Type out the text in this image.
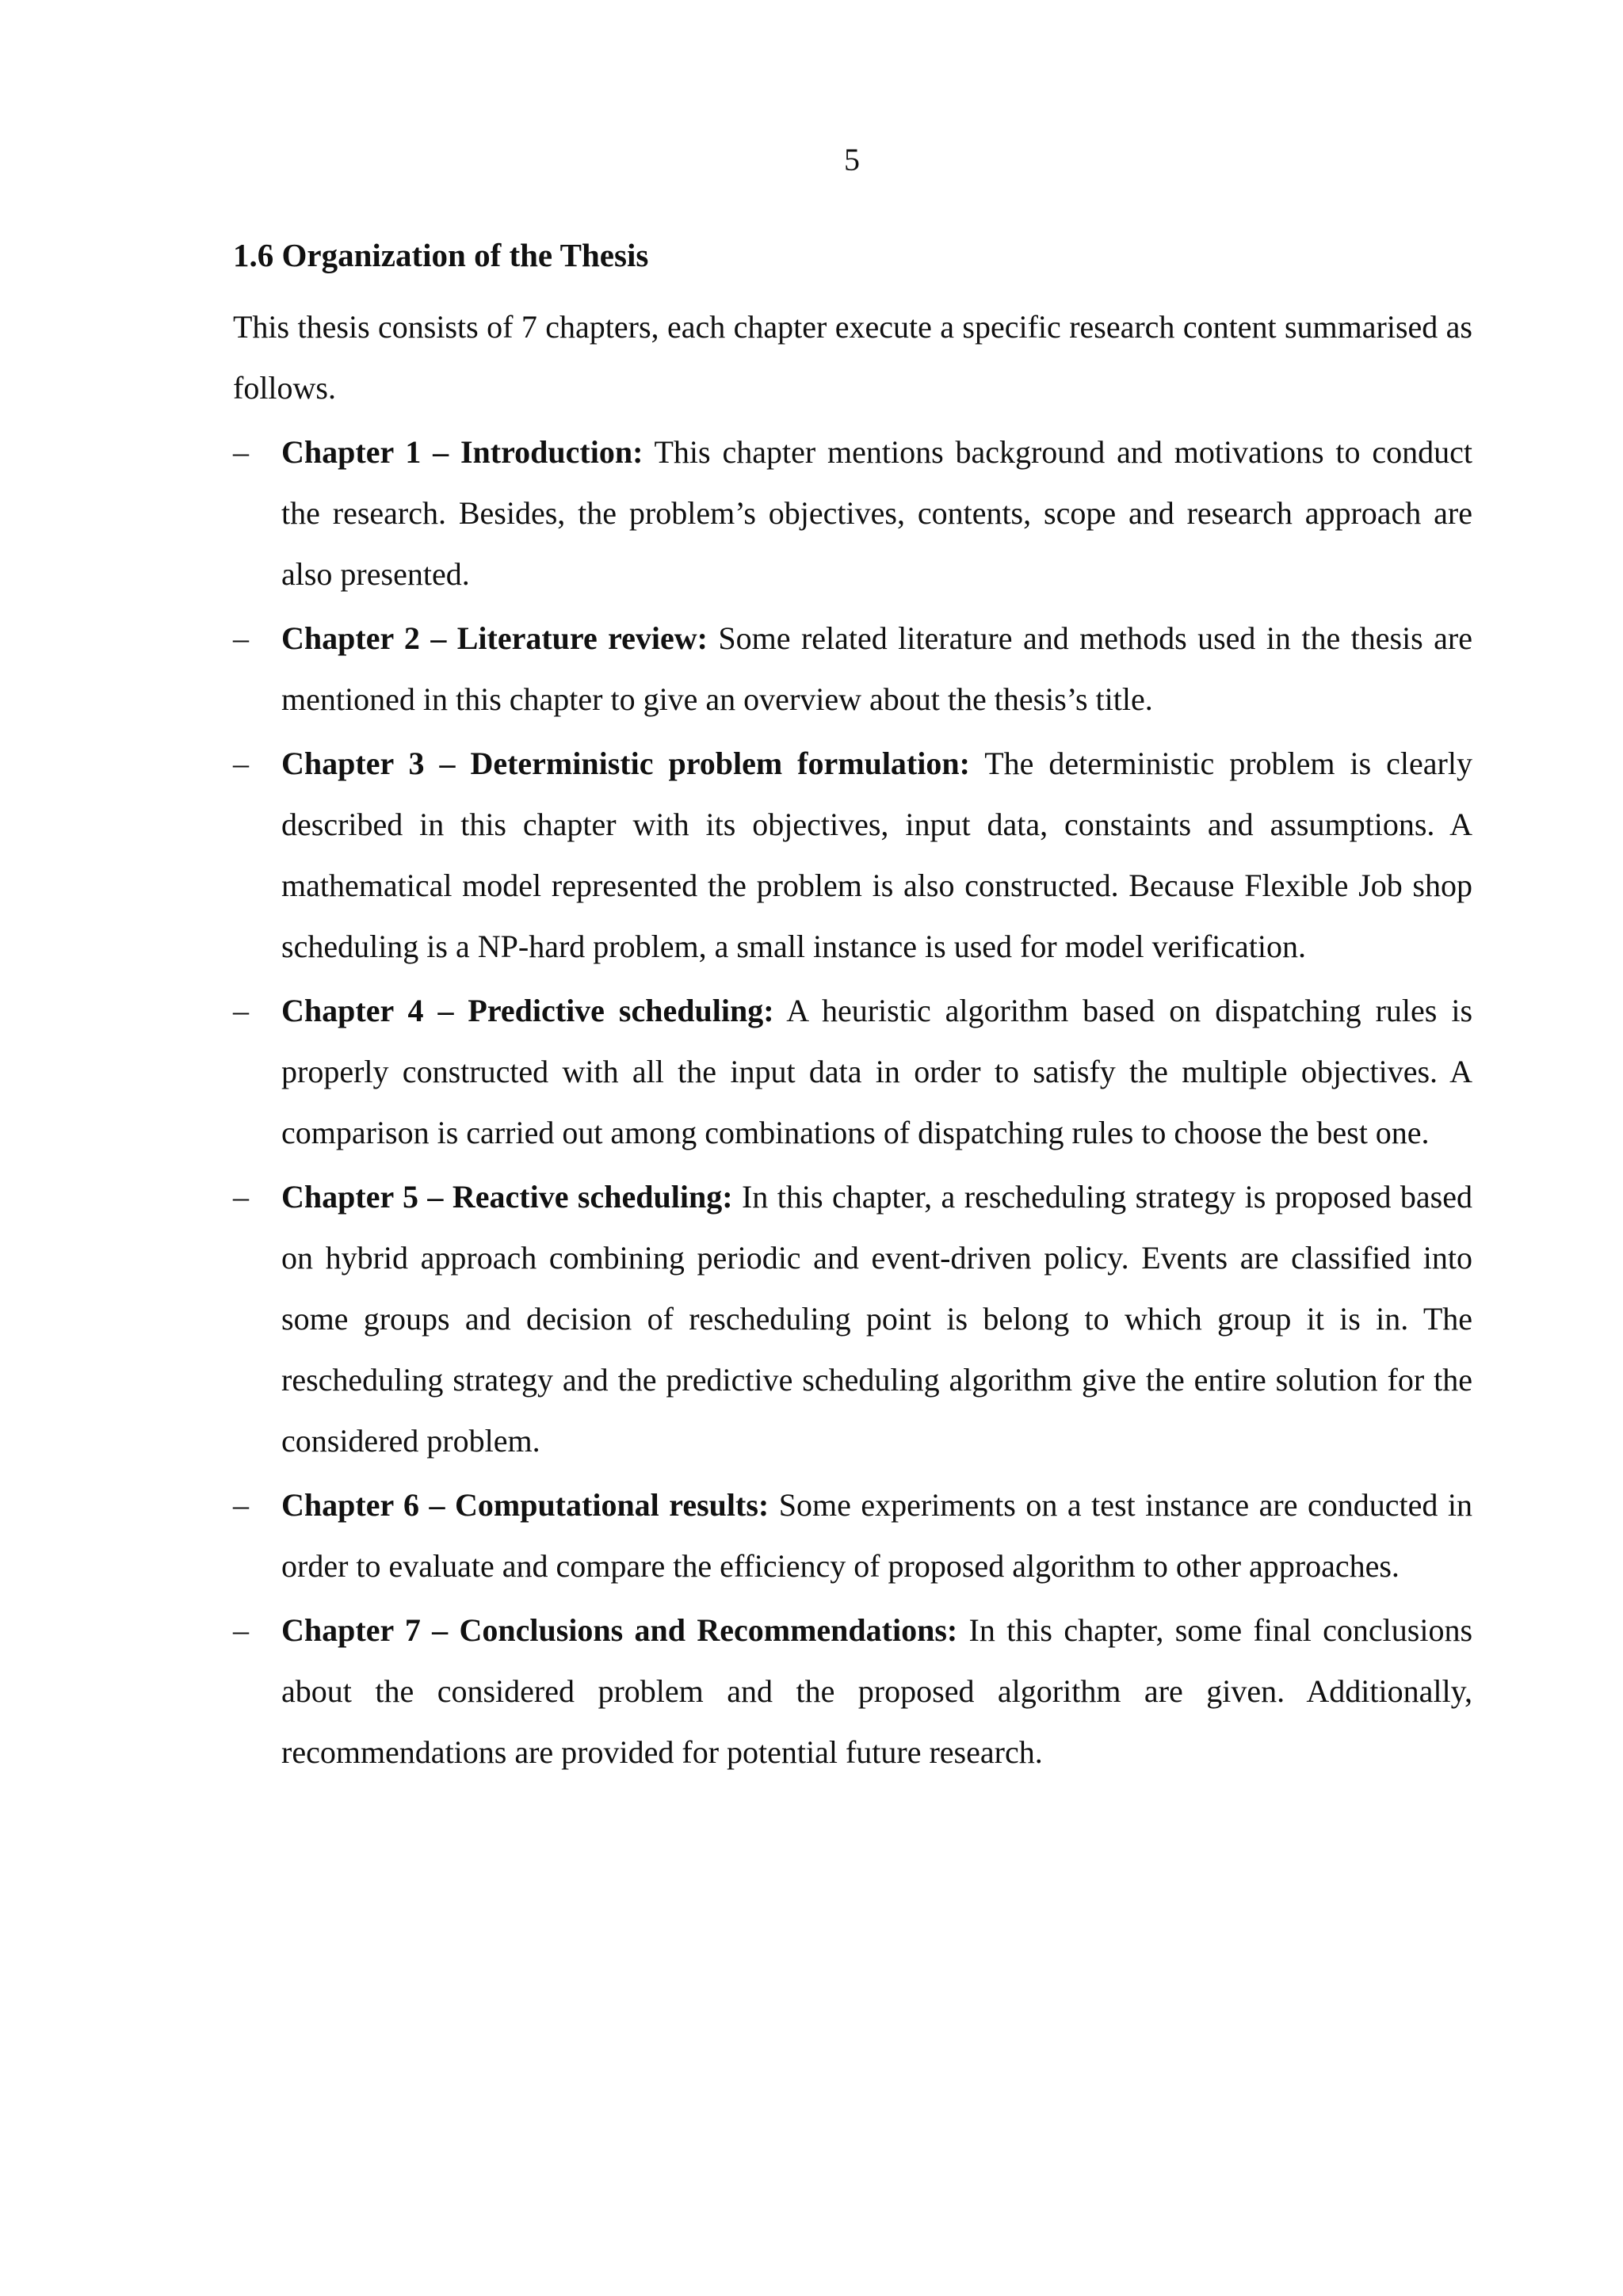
5
1.6 Organization of the Thesis

This thesis consists of 7 chapters, each chapter execute a specific research content summarised as follows.

– Chapter 1 – Introduction: This chapter mentions background and motivations to conduct the research. Besides, the problem’s objectives, contents, scope and research approach are also presented.
– Chapter 2 – Literature review: Some related literature and methods used in the thesis are mentioned in this chapter to give an overview about the thesis’s title.
– Chapter 3 – Deterministic problem formulation: The deterministic problem is clearly described in this chapter with its objectives, input data, constaints and assumptions. A mathematical model represented the problem is also constructed. Because Flexible Job shop scheduling is a NP-hard problem, a small instance is used for model verification.
– Chapter 4 – Predictive scheduling: A heuristic algorithm based on dispatching rules is properly constructed with all the input data in order to satisfy the multiple objectives. A comparison is carried out among combinations of dispatching rules to choose the best one.
– Chapter 5 – Reactive scheduling: In this chapter, a rescheduling strategy is proposed based on hybrid approach combining periodic and event-driven policy. Events are classified into some groups and decision of rescheduling point is belong to which group it is in. The rescheduling strategy and the predictive scheduling algorithm give the entire solution for the considered problem.
– Chapter 6 – Computational results: Some experiments on a test instance are conducted in order to evaluate and compare the efficiency of proposed algorithm to other approaches.
– Chapter 7 – Conclusions and Recommendations: In this chapter, some final conclusions about the considered problem and the proposed algorithm are given. Additionally, recommendations are provided for potential future research.
